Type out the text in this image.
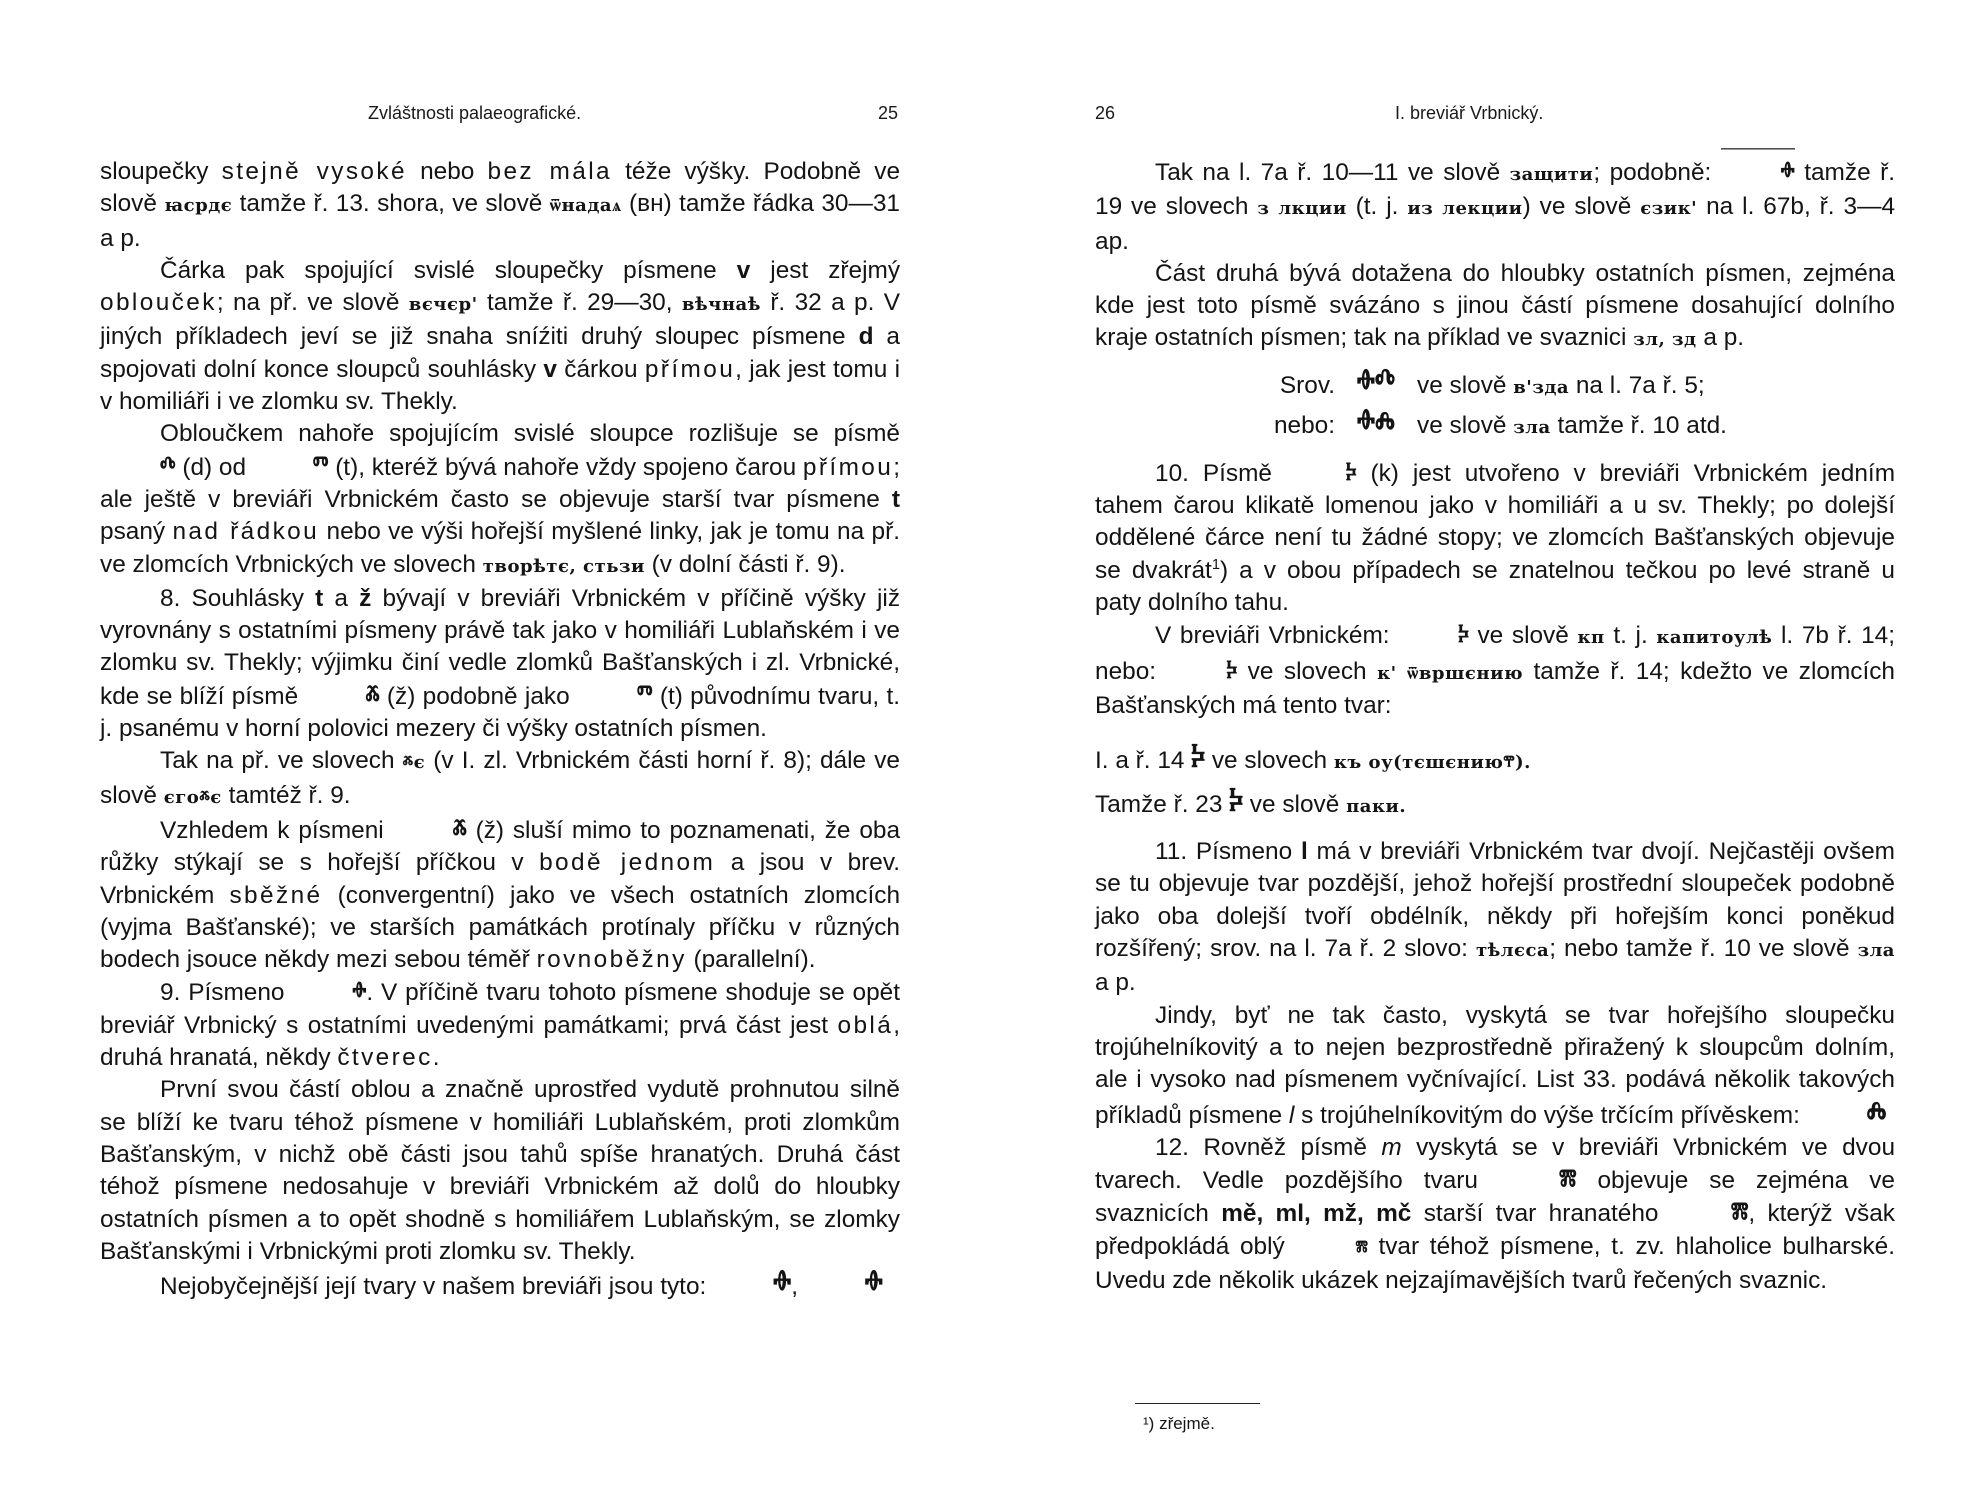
Zvláštnosti palaeografické.	25

sloupečky stejně vysoké nebo bez mála téže výšky. Podobně ve slově ꙗсрдє tamže ř. 13. shora, ve slově ѿнадаѧ (вн) tamže řádka 30—31 a p.

Čárka pak spojující svislé sloupečky písmene v jest zřejmý oblouček; na př. ve slově вєчєр' tamže ř. 29—30, вѣчнаѣ ř. 32 a p. V jiných příkladech jeví se již snaha sníźiti druhý sloupec písmene d a spojovati dolní konce sloupců souhlásky v čárkou přímou, jak jest tomu i v homiliáři i ve zlomku sv. Thekly.

Obloučkem nahoře spojujícím svislé sloupce rozlišuje se písmě ⰴ (d) od	ⱅ (t), kteréž bývá nahoře vždy spojeno čarou přímou; ale ještě v breviáři Vrbnickém často se objevuje starší tvar písmene t psaný nad řádkou nebo ve výši hořejší myšlené linky, jak je tomu na př. ve zlomcích Vrbnických ve slovech творѣтє, стьзи (v dolní části ř. 9).

8. Souhlásky t a ž bývají v breviáři Vrbnickém v příčině výšky již vyrovnány s ostatními písmeny právě tak jako v homiliáři Lublaňském i ve zlomku sv. Thekly; výjimku činí vedle zlomků Bašťanských i zl. Vrbnické, kde se blíží písmě	ⰶ (ž) podobně jako	ⱅ (t) původnímu tvaru, t. j. psanému v horní polovici mezery či výšky ostatních písmen.

Tak na př. ve slovech ⰶє (v I. zl. Vrbnickém části horní ř. 8); dále ve slově єгоⰶє tamtéž ř. 9.

Vzhledem k písmeni	ⰶ (ž) sluší mimo to poznamenati, že oba růžky stýkají se s hořejší příčkou v bodě jednom a jsou v brev. Vrbnickém sběžné (convergentní) jako ve všech ostatních zlomcích (vyjma Bašťanské); ve starších památkách protínaly příčku v různých bodech jsouce někdy mezi sebou téměř rovnoběžny (parallelní).

9. Písmeno	ⱚ. V příčině tvaru tohoto písmene shoduje se opět breviář Vrbnický s ostatními uvedenými památkami; prvá část jest oblá, druhá hranatá, někdy čtverec.

První svou částí oblou a značně uprostřed vydutě prohnutou silně se blíží ke tvaru téhož písmene v homiliáři Lublaňském, proti zlomkům Bašťanským, v nichž obě části jsou tahů spíše hranatých. Druhá část téhož písmene nedosahuje v breviáři Vrbnickém až dolů do hloubky ostatních písmen a to opět shodně s homiliářem Lublaňským, se zlomky Bašťanskými i Vrbnickými proti zlomku sv. Thekly.

Nejobyčejnější její tvary v našem breviáři jsou tyto: ⱚ, ⱚ

26	I. breviář Vrbnický.

Tak na l. 7a ř. 10—11 ve slově защити; podobně:	ⱚ tamže ř. 19 ve slovech з лкции (t. j. из лекции) ve slově єзик' na l. 67b, ř. 3—4 ap.

Část druhá bývá dotažena do hloubky ostatních písmen, zejména kde jest toto písmě svázáno s jinou částí písmene dosahující dolního kraje ostatních písmen; tak na příklad ve svaznici зл, зд a p.

Srov. ⱚⰴ ve slově в'зда na l. 7a ř. 5;

nebo: ⱚⰾ ve slově зла tamže ř. 10 atd.

10. Písmě	ⰽ (k) jest utvořeno v breviáři Vrbnickém jedním tahem čarou klikatě lomenou jako v homiliáři a u sv. Thekly; po dolejší oddělené čárce není tu žádné stopy; ve zlomcích Bašťanských objevuje se dvakrát$^1$) a v obou případech se znatelnou tečkou po levé straně u paty dolního tahu.

V breviáři Vrbnickém:	ⰽ ve slově кп t. j. капитоулѣ l. 7b ř. 14; nebo:	ⰽ ve slovech к' ѿвршєнию tamže ř. 14; kdežto ve zlomcích Bašťanských má tento tvar:

I. a ř. 14 ⰽ ve slovech къ оу(тєшєниюⰹ).

Tamže ř. 23 ⰽ ve slově паки.

11. Písmeno l má v breviáři Vrbnickém tvar dvojí. Nejčastěji ovšem se tu objevuje tvar pozdější, jehož hořejší prostřední sloupeček podobně jako oba dolejší tvoří obdélník, někdy při hořejším konci poněkud rozšířený; srov. na l. 7a ř. 2 slovo: тѣлєса; nebo tamže ř. 10 ve slově зла a p.

Jindy, byť ne tak často, vyskytá se tvar hořejšího sloupečku trojúhelníkovitý a to nejen bezprostředně přiražený k sloupcům dolním, ale i vysoko nad písmenem vyčnívající. List 33. podává několik takových příkladů písmene l s trojúhelníkovitým do výše trčícím přívěskem: ⰾ

12. Rovněž písmě m vyskytá se v breviáři Vrbnickém ve dvou tvarech. Vedle pozdějšího tvaru	ⰿ objevuje se zejména ve svaznicích mě, ml, mž, mč starší tvar hranatého	ⰿ, kterýž však předpokládá oblý	ⰿ tvar téhož písmene, t. zv. hlaholice bulharské. Uvedu zde několik ukázek nejzajímavějších tvarů řečených svaznic.

¹) zřejmě.
